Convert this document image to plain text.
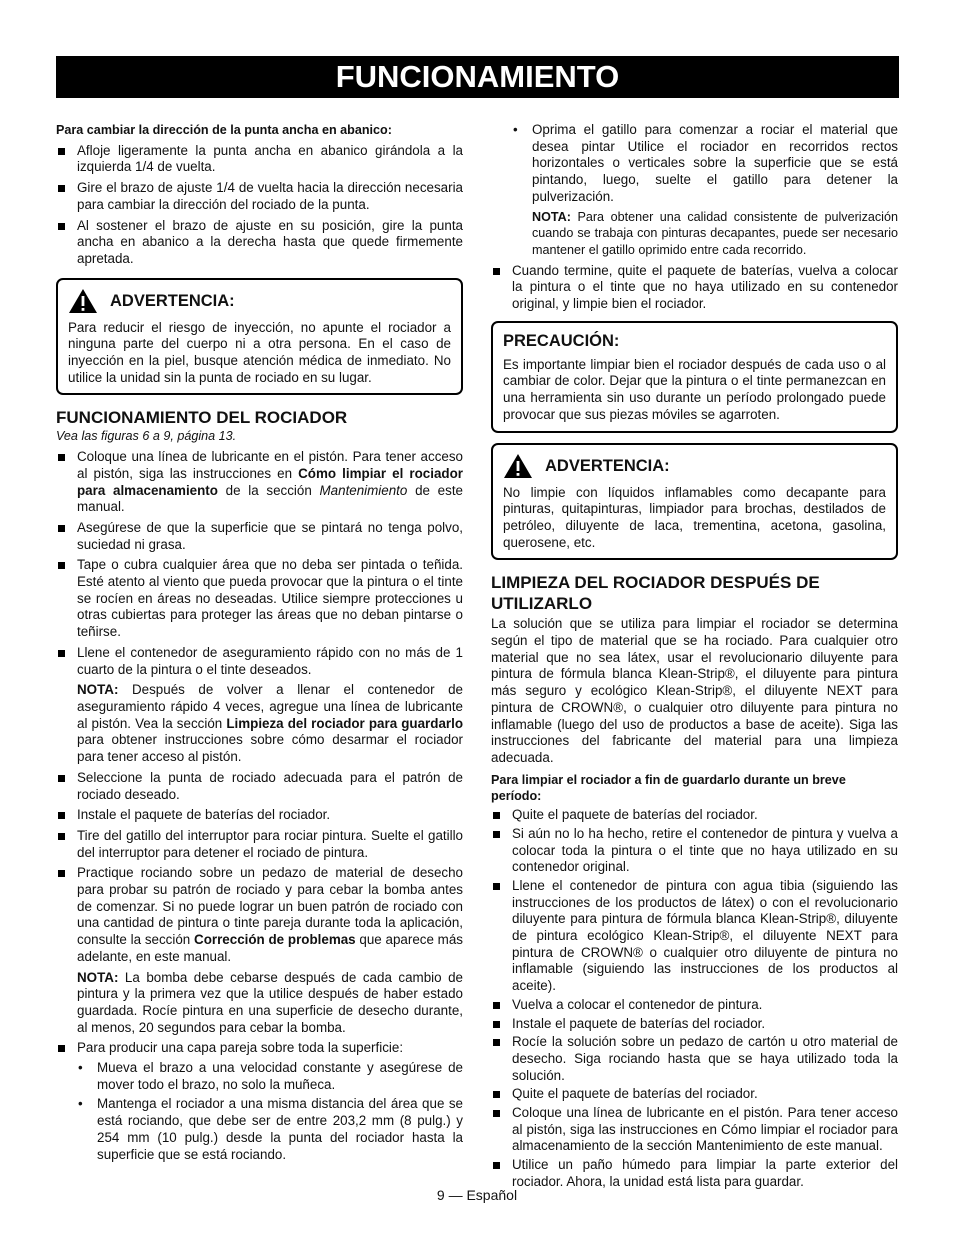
FUNCIONAMIENTO

Para cambiar la dirección de la punta ancha en abanico:

Afloje ligeramente la punta ancha en abanico girándola a la izquierda 1/4 de vuelta.
Gire el brazo de ajuste 1/4 de vuelta hacia la dirección necesaria para cambiar la dirección del rociado de la punta.
Al sostener el brazo de ajuste en su posición, gire la punta ancha en abanico a la derecha hasta que quede firmemente apretada.
ADVERTENCIA:

Para reducir el riesgo de inyección, no apunte el rociador a ninguna parte del cuerpo ni a otra persona. En el caso de inyección en la piel, busque atención médica de inmediato. No utilice la unidad sin la punta de rociado en su lugar.

FUNCIONAMIENTO DEL ROCIADOR

Vea las figuras 6 a 9, página 13.

Coloque una línea de lubricante en el pistón. Para tener acceso al pistón, siga las instrucciones en Cómo limpiar el rociador para almacenamiento de la sección Mantenimiento de este manual.
Asegúrese de que la superficie que se pintará no tenga polvo, suciedad ni grasa.
Tape o cubra cualquier área que no deba ser pintada o teñida. Esté atento al viento que pueda provocar que la pintura o el tinte se rocíen en áreas no deseadas. Utilice siempre protecciones u otras cubiertas para proteger las áreas que no deban pintarse o teñirse.
Llene el contenedor de aseguramiento rápido con no más de 1 cuarto de la pintura o el tinte deseados.

NOTA: Después de volver a llenar el contenedor de aseguramiento rápido 4 veces, agregue una línea de lubricante al pistón. Vea la sección Limpieza del rociador para guardarlo para obtener instrucciones sobre cómo desarmar el rociador para tener acceso al pistón.

Seleccione la punta de rociado adecuada para el patrón de rociado deseado.
Instale el paquete de baterías del rociador.
Tire del gatillo del interruptor para rociar pintura. Suelte el gatillo del interruptor para detener el rociado de pintura.
Practique rociando sobre un pedazo de material de desecho para probar su patrón de rociado y para cebar la bomba antes de comenzar. Si no puede lograr un buen patrón de rociado con una cantidad de pintura o tinte pareja durante toda la aplicación, consulte la sección Corrección de problemas que aparece más adelante, en este manual.

NOTA: La bomba debe cebarse después de cada cambio de pintura y la primera vez que la utilice después de haber estado guardada. Rocíe pintura en una superficie de desecho durante, al menos, 20 segundos para cebar la bomba.

Para producir una capa pareja sobre toda la superficie:
• Mueva el brazo a una velocidad constante y asegúrese de mover todo el brazo, no solo la muñeca.
• Mantenga el rociador a una misma distancia del área que se está rociando, que debe ser de entre 203,2 mm (8 pulg.) y 254 mm (10 pulg.) desde la punta del rociador hasta la superficie que se está rociando.
• Oprima el gatillo para comenzar a rociar el material que desea pintar Utilice el rociador en recorridos rectos horizontales o verticales sobre la superficie que se está pintando, luego, suelte el gatillo para detener la pulverización.

NOTA: Para obtener una calidad consistente de pulverización cuando se trabaja con pinturas decapantes, puede ser necesario mantener el gatillo oprimido entre cada recorrido.

Cuando termine, quite el paquete de baterías, vuelva a colocar la pintura o el tinte que no haya utilizado en su contenedor original, y limpie bien el rociador.
PRECAUCIÓN:

Es importante limpiar bien el rociador después de cada uso o al cambiar de color. Dejar que la pintura o el tinte permanezcan en una herramienta sin uso durante un período prolongado puede provocar que sus piezas móviles se agarroten.

ADVERTENCIA:

No limpie con líquidos inflamables como decapante para pinturas, quitapinturas, limpiador para brochas, destilados de petróleo, diluyente de laca, trementina, acetona, gasolina, querosene, etc.

LIMPIEZA DEL ROCIADOR DESPUÉS DE UTILIZARLO

La solución que se utiliza para limpiar el rociador se determina según el tipo de material que se ha rociado. Para cualquier otro material que no sea látex, usar el revolucionario diluyente para pintura de fórmula blanca Klean-Strip®, el diluyente para pintura más seguro y ecológico Klean-Strip®, el diluyente NEXT para pintura de CROWN®, o cualquier otro diluyente para pintura no inflamable (luego del uso de productos a base de aceite). Siga las instrucciones del fabricante del material para una limpieza adecuada.

Para limpiar el rociador a fin de guardarlo durante un breve período:

Quite el paquete de baterías del rociador.
Si aún no lo ha hecho, retire el contenedor de pintura y vuelva a colocar toda la pintura o el tinte que no haya utilizado en su contenedor original.
Llene el contenedor de pintura con agua tibia (siguiendo las instrucciones de los productos de látex) o con el revolucionario diluyente para pintura de fórmula blanca Klean-Strip®, diluyente de pintura ecológico Klean-Strip®, el diluyente NEXT para pintura de CROWN® o cualquier otro diluyente de pintura no inflamable (siguiendo las instrucciones de los productos al aceite).
Vuelva a colocar el contenedor de pintura.
Instale el paquete de baterías del rociador.
Rocíe la solución sobre un pedazo de cartón u otro material de desecho. Siga rociando hasta que se haya utilizado toda la solución.
Quite el paquete de baterías del rociador.
Coloque una línea de lubricante en el pistón. Para tener acceso al pistón, siga las instrucciones en Cómo limpiar el rociador para almacenamiento de la sección Mantenimiento de este manual.
Utilice un paño húmedo para limpiar la parte exterior del rociador. Ahora, la unidad está lista para guardar.
9 — Español
